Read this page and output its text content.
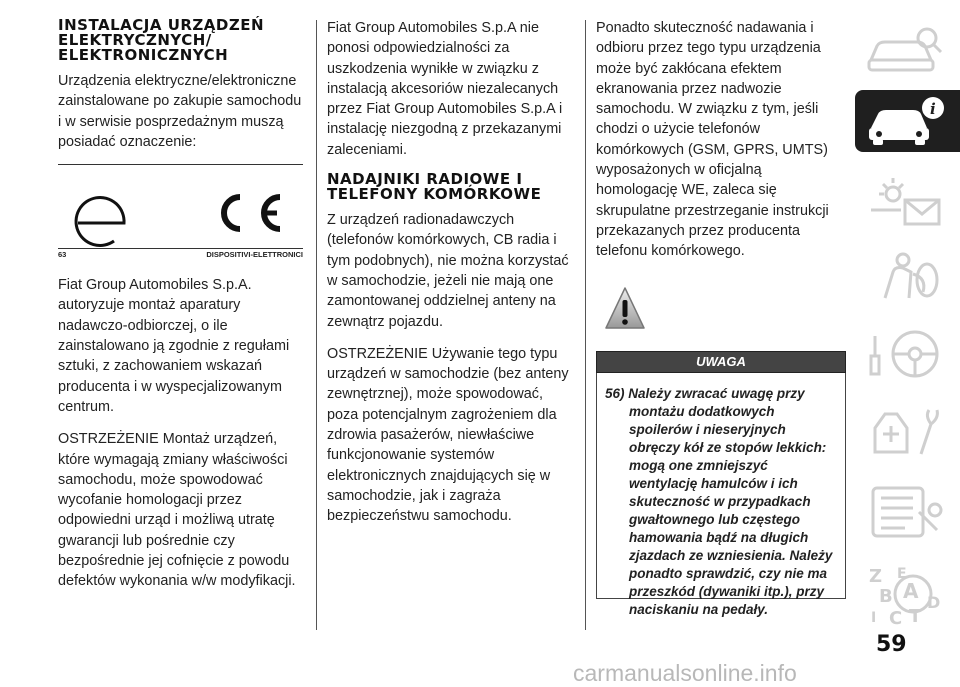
INSTALACJA URZĄDZEŃ ELEKTRYCZNYCH/ ELEKTRONICZNYCH

Urządzenia elektryczne/elektroniczne zainstalowane po zakupie samochodu i w serwisie posprzedażnym muszą posiadać oznaczenie:

63	DISPOSITIVI-ELETTRONICI

Fiat Group Automobiles S.p.A. autoryzuje montaż aparatury nadawczo-odbiorczej, o ile zainstalowano ją zgodnie z regułami sztuki, z zachowaniem wskazań producenta i w wyspecjalizowanym centrum.

OSTRZEŻENIE Montaż urządzeń, które wymagają zmiany właściwości samochodu, może spowodować wycofanie homologacji przez odpowiedni urząd i możliwą utratę gwarancji lub pośrednie czy bezpośrednie jej cofnięcie z powodu defektów wykonania w/w modyfikacji.

Fiat Group Automobiles S.p.A nie ponosi odpowiedzialności za uszkodzenia wynikłe w związku z instalacją akcesoriów niezalecanych przez Fiat Group Automobiles S.p.A i instalację niezgodną z przekazanymi zaleceniami.

NADAJNIKI RADIOWE I TELEFONY KOMÓRKOWE

Z urządzeń radionadawczych (telefonów komórkowych, CB radia i tym podobnych), nie można korzystać w samochodzie, jeżeli nie mają one zamontowanej oddzielnej anteny na zewnątrz pojazdu.

OSTRZEŻENIE Używanie tego typu urządzeń w samochodzie (bez anteny zewnętrznej), może spowodować, poza potencjalnym zagrożeniem dla zdrowia pasażerów, niewłaściwe funkcjonowanie systemów elektronicznych znajdujących się w samochodzie, jak i zagraża bezpieczeństwu samochodu.

Ponadto skuteczność nadawania i odbioru przez tego typu urządzenia może być zakłócana efektem ekranowania przez nadwozie samochodu. W związku z tym, jeśli chodzi o użycie telefonów komórkowych (GSM, GPRS, UMTS) wyposażonych w oficjalną homologację WE, zaleca się skrupulatne przestrzeganie instrukcji przekazanych przez producenta telefonu komórkowego.

UWAGA
56) Należy zwracać uwagę przy montażu dodatkowych spoilerów i nieseryjnych obręczy kół ze stopów lekkich: mogą one zmniejszyć wentylację hamulców i ich skuteczność w przypadkach gwałtownego lub częstego hamowania bądź na długich zjazdach ze wzniesienia. Należy ponadto sprawdzić, czy nie ma przeszkód (dywaniki itp.), przy naciskaniu na pedały.
i
Z E
B A D
I C T
59
carmanualsonline.info
